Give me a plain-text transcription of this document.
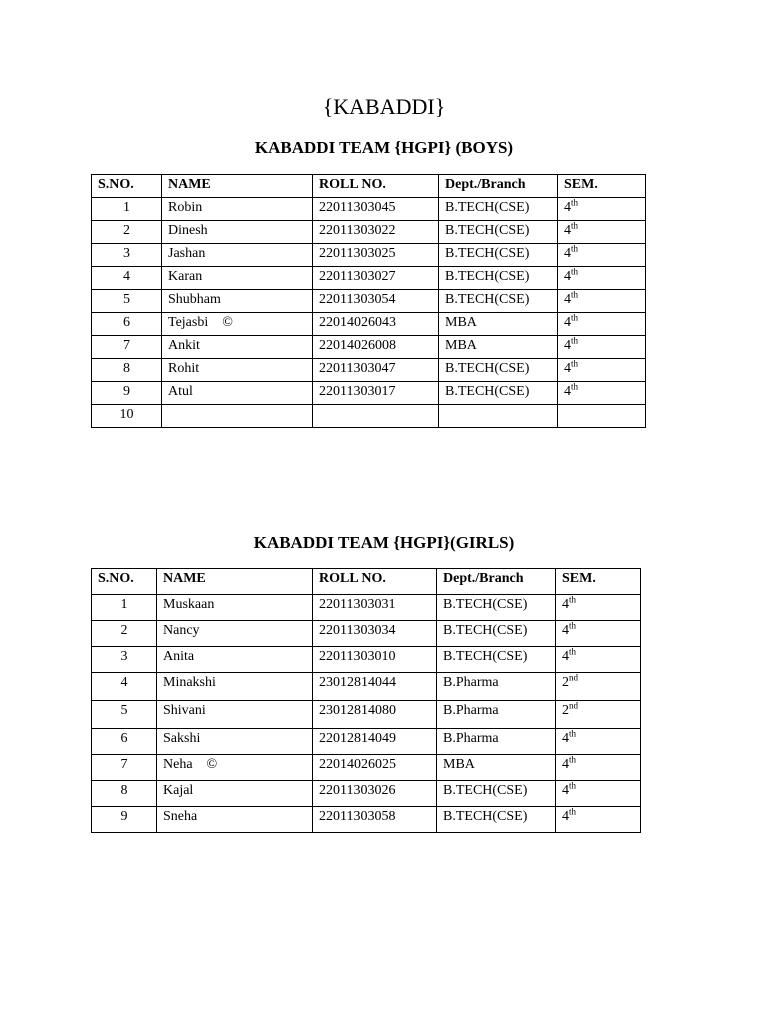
{KABADDI}
KABADDI TEAM {HGPI} (BOYS)
S.NO.	NAME	ROLL NO.	Dept./Branch	SEM.
1	Robin	22011303045	B.TECH(CSE)	4th
2	Dinesh	22011303022	B.TECH(CSE)	4th
3	Jashan	22011303025	B.TECH(CSE)	4th
4	Karan	22011303027	B.TECH(CSE)	4th
5	Shubham	22011303054	B.TECH(CSE)	4th
6	Tejasbi ©	22014026043	MBA	4th
7	Ankit	22014026008	MBA	4th
8	Rohit	22011303047	B.TECH(CSE)	4th
9	Atul	22011303017	B.TECH(CSE)	4th
10				
KABADDI TEAM {HGPI}(GIRLS)
S.NO.	NAME	ROLL NO.	Dept./Branch	SEM.
1	Muskaan	22011303031	B.TECH(CSE)	4th
2	Nancy	22011303034	B.TECH(CSE)	4th
3	Anita	22011303010	B.TECH(CSE)	4th
4	Minakshi	23012814044	B.Pharma	2nd
5	Shivani	23012814080	B.Pharma	2nd
6	Sakshi	22012814049	B.Pharma	4th
7	Neha ©	22014026025	MBA	4th
8	Kajal	22011303026	B.TECH(CSE)	4th
9	Sneha	22011303058	B.TECH(CSE)	4th
